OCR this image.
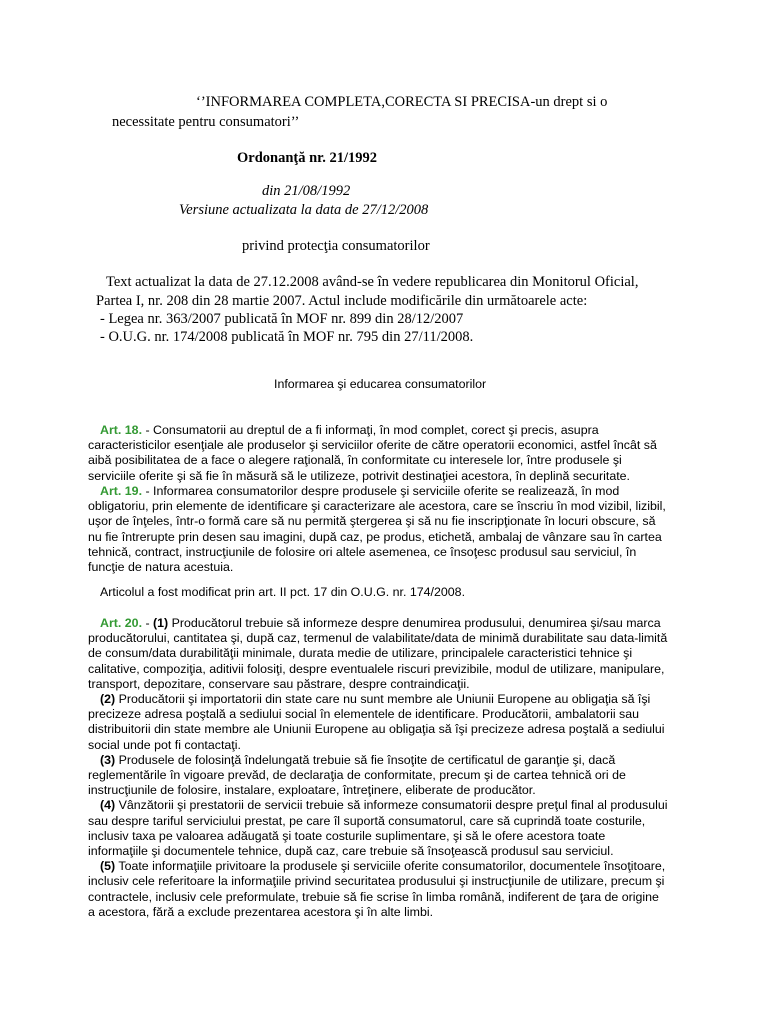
‘’INFORMAREA COMPLETA,CORECTA SI PRECISA-un drept si o
necessitate pentru consumatori’’
Ordonanţă nr. 21/1992
din 21/08/1992
Versiune actualizata la data de 27/12/2008
privind protecţia consumatorilor
Text actualizat la data de 27.12.2008 având-se în vedere republicarea din Monitorul Oficial,
Partea I, nr. 208 din 28 martie 2007. Actul include modificările din următoarele acte:
- Legea nr. 363/2007 publicată în MOF nr. 899 din 28/12/2007
- O.U.G. nr. 174/2008 publicată în MOF nr. 795 din 27/11/2008.
Informarea şi educarea consumatorilor
Art. 18. - Consumatorii au dreptul de a fi informaţi, în mod complet, corect şi precis, asupra
caracteristicilor esenţiale ale produselor şi serviciilor oferite de către operatorii economici, astfel încât să
aibă posibilitatea de a face o alegere raţională, în conformitate cu interesele lor, între produsele şi
serviciile oferite şi să fie în măsură să le utilizeze, potrivit destinaţiei acestora, în deplină securitate.
Art. 19. - Informarea consumatorilor despre produsele şi serviciile oferite se realizează, în mod
obligatoriu, prin elemente de identificare şi caracterizare ale acestora, care se înscriu în mod vizibil, lizibil,
uşor de înţeles, într-o formă care să nu permită ştergerea şi să nu fie inscripţionate în locuri obscure, să
nu fie întrerupte prin desen sau imagini, după caz, pe produs, etichetă, ambalaj de vânzare sau în cartea
tehnică, contract, instrucţiunile de folosire ori altele asemenea, ce însoţesc produsul sau serviciul, în
funcţie de natura acestuia.
Articolul a fost modificat prin art. II pct. 17 din O.U.G. nr. 174/2008.
Art. 20. - (1) Producătorul trebuie să informeze despre denumirea produsului, denumirea şi/sau marca
producătorului, cantitatea şi, după caz, termenul de valabilitate/data de minimă durabilitate sau data-limită
de consum/data durabilităţii minimale, durata medie de utilizare, principalele caracteristici tehnice şi
calitative, compoziţia, aditivii folosiţi, despre eventualele riscuri previzibile, modul de utilizare, manipulare,
transport, depozitare, conservare sau păstrare, despre contraindicaţii.
(2) Producătorii şi importatorii din state care nu sunt membre ale Uniunii Europene au obligaţia să îşi
precizeze adresa poştală a sediului social în elementele de identificare. Producătorii, ambalatorii sau
distribuitorii din state membre ale Uniunii Europene au obligaţia să îşi precizeze adresa poştală a sediului
social unde pot fi contactaţi.
(3) Produsele de folosinţă îndelungată trebuie să fie însoţite de certificatul de garanţie şi, dacă
reglementările în vigoare prevăd, de declaraţia de conformitate, precum şi de cartea tehnică ori de
instrucţiunile de folosire, instalare, exploatare, întreţinere, eliberate de producător.
(4) Vânzătorii şi prestatorii de servicii trebuie să informeze consumatorii despre preţul final al produsului
sau despre tariful serviciului prestat, pe care îl suportă consumatorul, care să cuprindă toate costurile,
inclusiv taxa pe valoarea adăugată şi toate costurile suplimentare, şi să le ofere acestora toate
informaţiile şi documentele tehnice, după caz, care trebuie să însoţească produsul sau serviciul.
(5) Toate informaţiile privitoare la produsele şi serviciile oferite consumatorilor, documentele însoţitoare,
inclusiv cele referitoare la informaţiile privind securitatea produsului şi instrucţiunile de utilizare, precum şi
contractele, inclusiv cele preformulate, trebuie să fie scrise în limba română, indiferent de ţara de origine
a acestora, fără a exclude prezentarea acestora şi în alte limbi.
